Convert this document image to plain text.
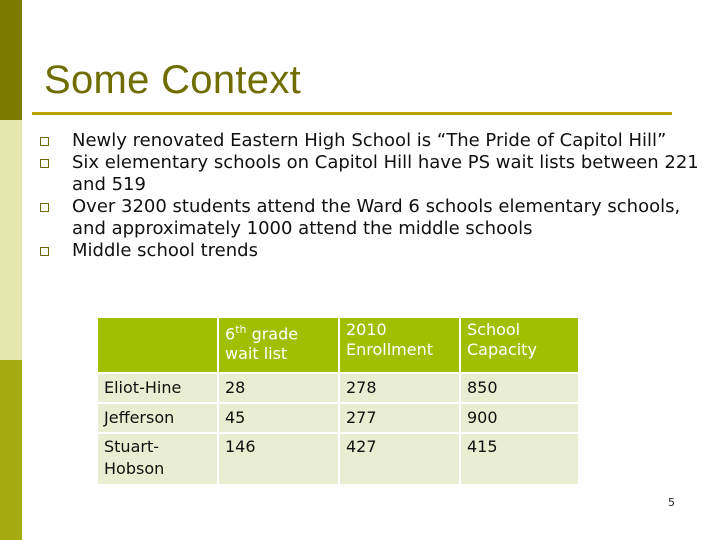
Some Context
Newly renovated Eastern High School is “The Pride of Capitol Hill”
Six elementary schools on Capitol Hill have PS wait lists between 221 and 519
Over 3200 students attend the Ward 6 schools elementary schools, and approximately 1000 attend the middle schools
Middle school trends
	6th grade wait list	2010 Enrollment	School Capacity
Eliot-Hine	28	278	850
Jefferson	45	277	900
Stuart-Hobson	146	427	415
5
